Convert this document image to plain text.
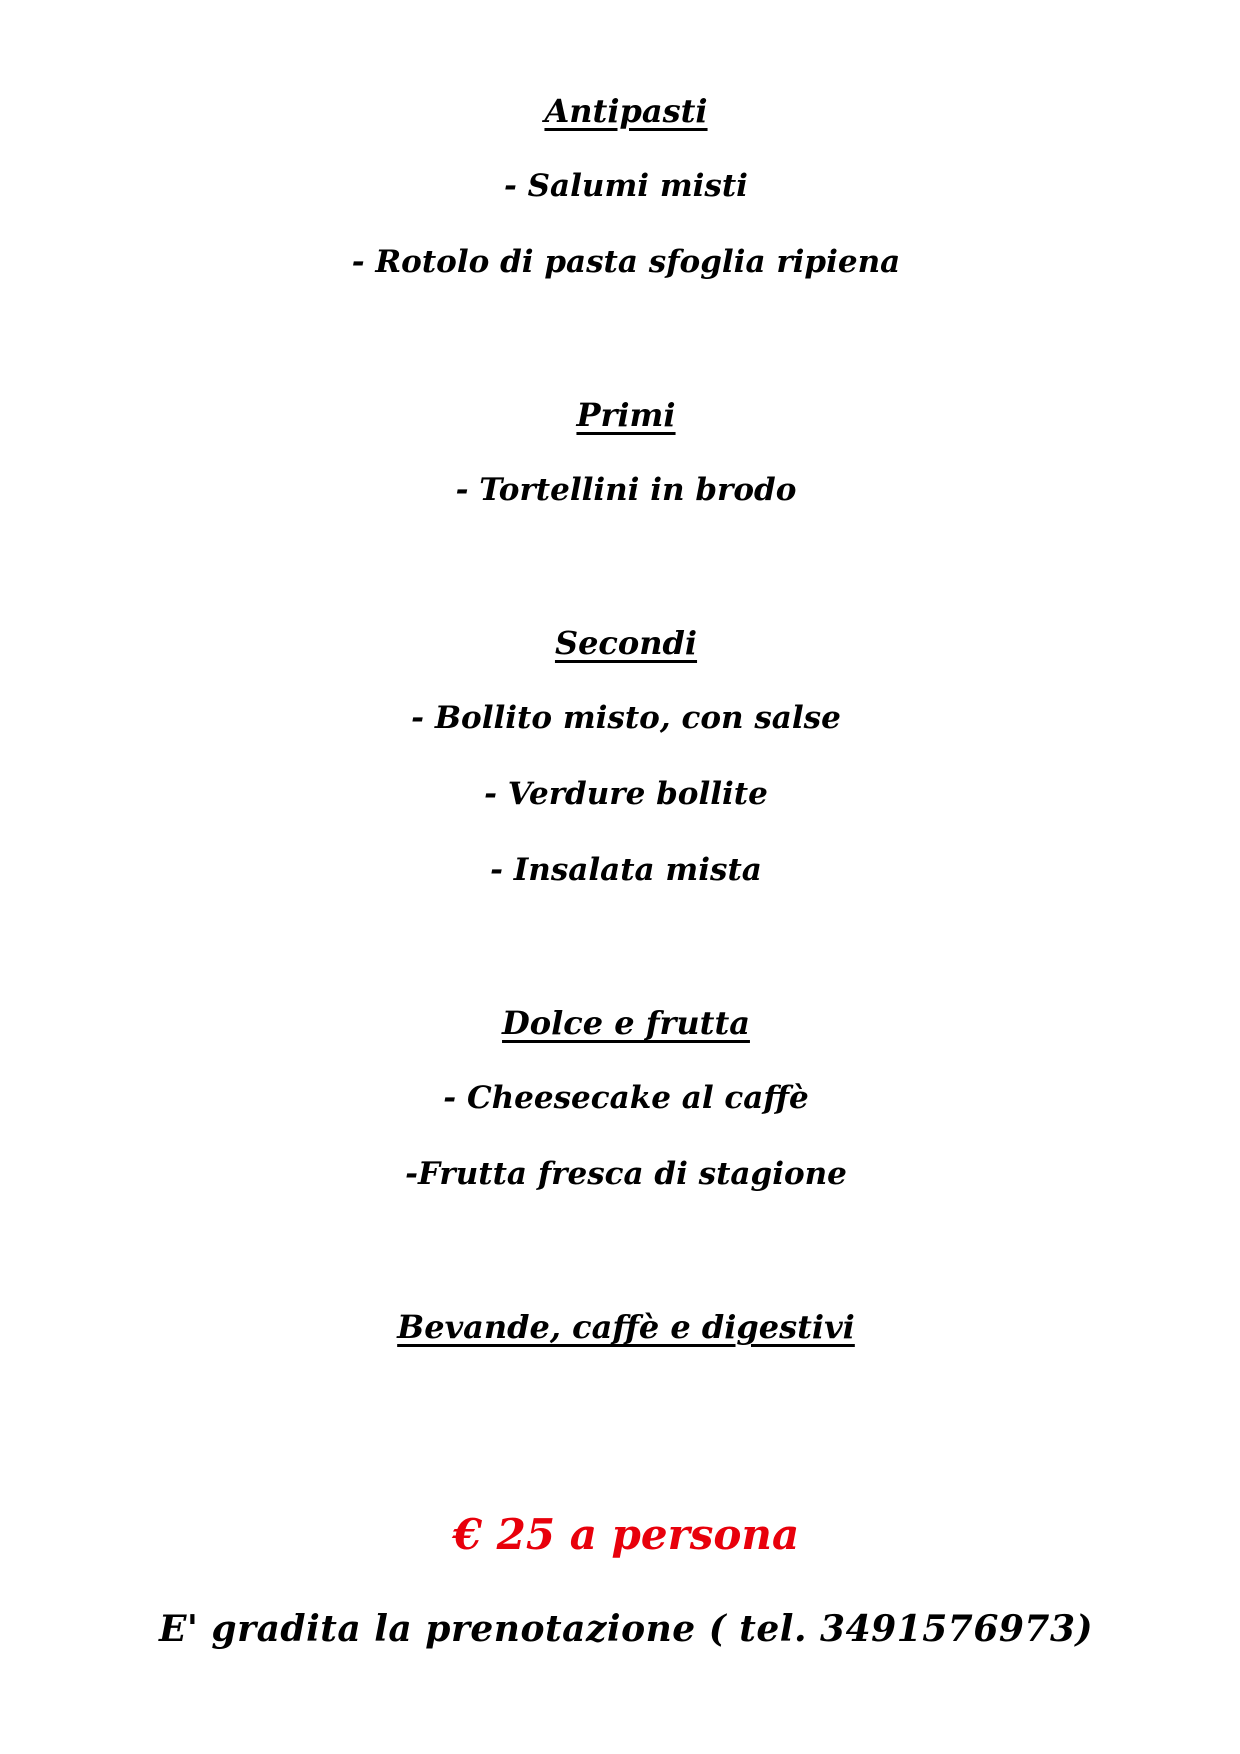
Antipasti
- Salumi misti
- Rotolo di pasta sfoglia ripiena
Primi
- Tortellini in brodo
Secondi
- Bollito misto, con salse
- Verdure bollite
- Insalata mista
Dolce e frutta
- Cheesecake al caffè
-Frutta fresca di stagione
Bevande, caffè e digestivi
€ 25 a persona
E' gradita la prenotazione ( tel. 3491576973)
